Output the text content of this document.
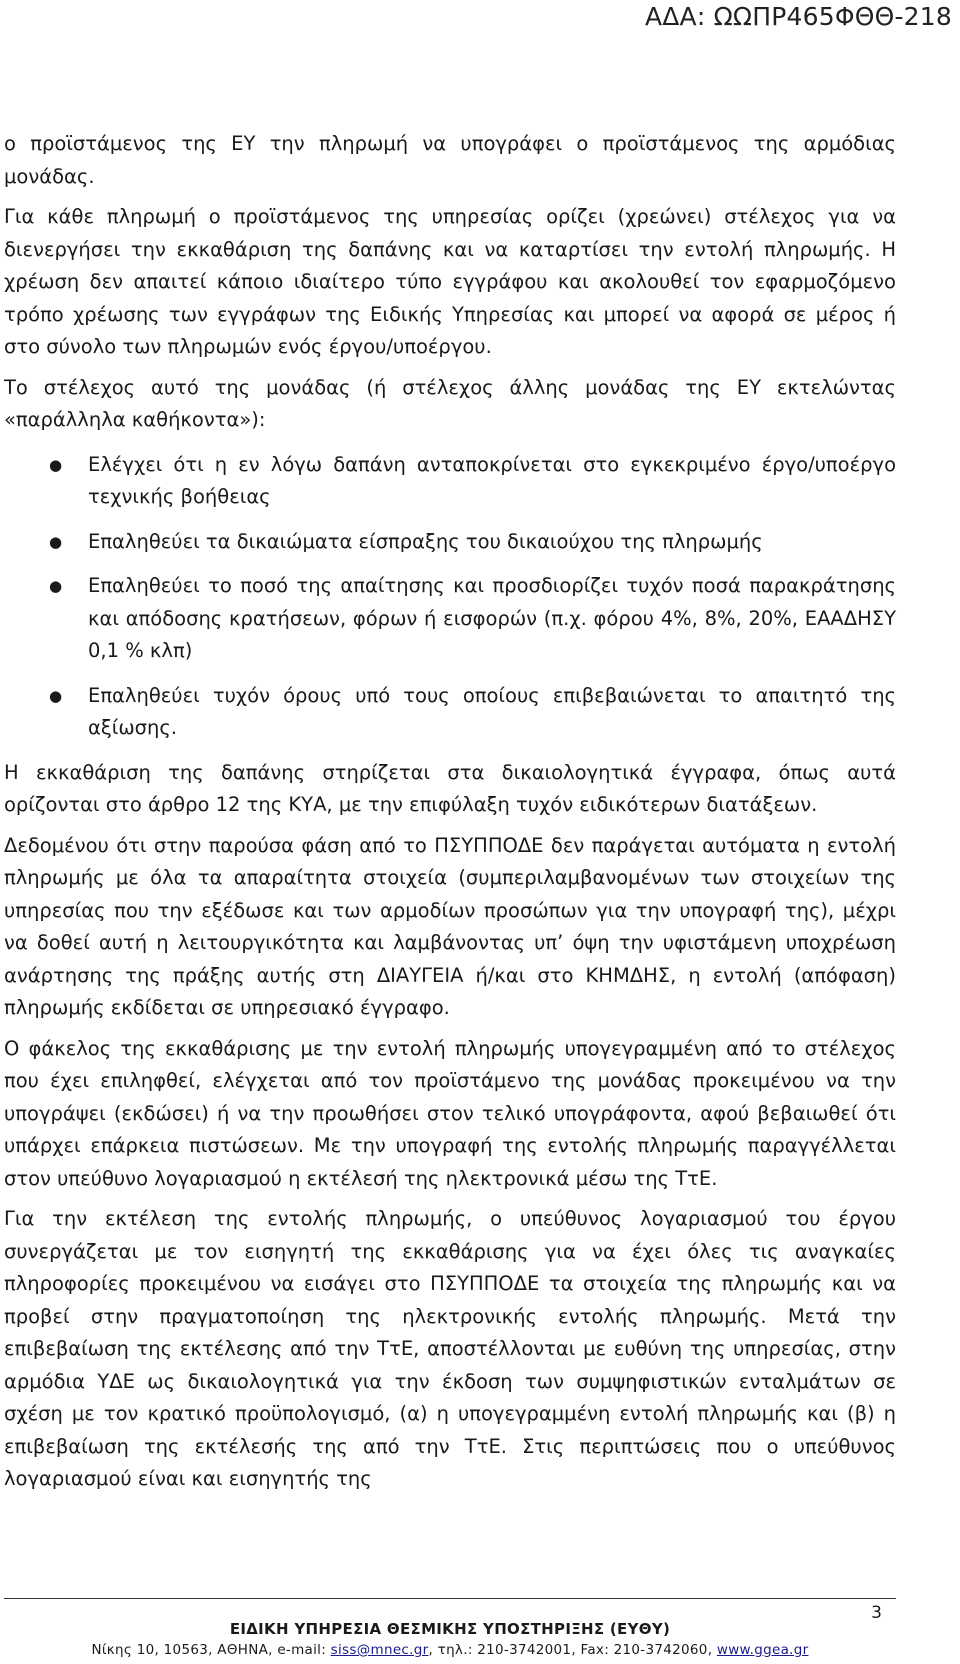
ΑΔΑ: ΩΩΠΡ465ΦΘΘ-218

ο προϊστάμενος της ΕΥ την πληρωμή να υπογράφει ο προϊστάμενος της αρμόδιας μονάδας.

Για κάθε πληρωμή ο προϊστάμενος της υπηρεσίας ορίζει (χρεώνει) στέλεχος για να διενεργήσει την εκκαθάριση της δαπάνης και να καταρτίσει την εντολή πληρωμής. Η χρέωση δεν απαιτεί κάποιο ιδιαίτερο τύπο εγγράφου και ακολουθεί τον εφαρμοζόμενο τρόπο χρέωσης των εγγράφων της Ειδικής Υπηρεσίας και μπορεί να αφορά σε μέρος ή στο σύνολο των πληρωμών ενός έργου/υποέργου.

Το στέλεχος αυτό της μονάδας (ή στέλεχος άλλης μονάδας της ΕΥ εκτελώντας «παράλληλα καθήκοντα»):

● Ελέγχει ότι η εν λόγω δαπάνη ανταποκρίνεται στο εγκεκριμένο έργο/υποέργο τεχνικής βοήθειας
● Επαληθεύει τα δικαιώματα είσπραξης του δικαιούχου της πληρωμής
● Επαληθεύει το ποσό της απαίτησης και προσδιορίζει τυχόν ποσά παρακράτησης και απόδοσης κρατήσεων, φόρων ή εισφορών (π.χ. φόρου 4%, 8%, 20%, ΕΑΑΔΗΣΥ 0,1 % κλπ)
● Επαληθεύει τυχόν όρους υπό τους οποίους επιβεβαιώνεται το απαιτητό της αξίωσης.

Η εκκαθάριση της δαπάνης στηρίζεται στα δικαιολογητικά έγγραφα, όπως αυτά ορίζονται στο άρθρο 12 της ΚΥΑ, με την επιφύλαξη τυχόν ειδικότερων διατάξεων.

Δεδομένου ότι στην παρούσα φάση από το ΠΣΥΠΠΟΔΕ δεν παράγεται αυτόματα η εντολή πληρωμής με όλα τα απαραίτητα στοιχεία (συμπεριλαμβανομένων των στοιχείων της υπηρεσίας που την εξέδωσε και των αρμοδίων προσώπων για την υπογραφή της), μέχρι να δοθεί αυτή η λειτουργικότητα και λαμβάνοντας υπ’ όψη την υφιστάμενη υποχρέωση ανάρτησης της πράξης αυτής στη ΔΙΑΥΓΕΙΑ ή/και στο ΚΗΜΔΗΣ, η εντολή (απόφαση) πληρωμής εκδίδεται σε υπηρεσιακό έγγραφο.

Ο φάκελος της εκκαθάρισης με την εντολή πληρωμής υπογεγραμμένη από το στέλεχος που έχει επιληφθεί, ελέγχεται από τον προϊστάμενο της μονάδας προκειμένου να την υπογράψει (εκδώσει) ή να την προωθήσει στον τελικό υπογράφοντα, αφού βεβαιωθεί ότι υπάρχει επάρκεια πιστώσεων. Με την υπογραφή της εντολής πληρωμής παραγγέλλεται στον υπεύθυνο λογαριασμού η εκτέλεσή της ηλεκτρονικά μέσω της ΤτΕ.

Για την εκτέλεση της εντολής πληρωμής, ο υπεύθυνος λογαριασμού του έργου συνεργάζεται με τον εισηγητή της εκκαθάρισης για να έχει όλες τις αναγκαίες πληροφορίες προκειμένου να εισάγει στο ΠΣΥΠΠΟΔΕ τα στοιχεία της πληρωμής και να προβεί στην πραγματοποίηση της ηλεκτρονικής εντολής πληρωμής. Μετά την επιβεβαίωση της εκτέλεσης από την ΤτΕ, αποστέλλονται με ευθύνη της υπηρεσίας, στην αρμόδια ΥΔΕ ως δικαιολογητικά για την έκδοση των συμψηφιστικών ενταλμάτων σε σχέση με τον κρατικό προϋπολογισμό, (α) η υπογεγραμμένη εντολή πληρωμής και (β) η επιβεβαίωση της εκτέλεσής της από την ΤτΕ. Στις περιπτώσεις που ο υπεύθυνος λογαριασμού είναι και εισηγητής της

3
ΕΙΔΙΚΗ ΥΠΗΡΕΣΙΑ ΘΕΣΜΙΚΗΣ ΥΠΟΣΤΗΡΙΞΗΣ (ΕΥΘΥ)
Νίκης 10, 10563, ΑΘΗΝΑ, e-mail: siss@mnec.gr, τηλ.: 210-3742001, Fax: 210-3742060, www.ggea.gr
